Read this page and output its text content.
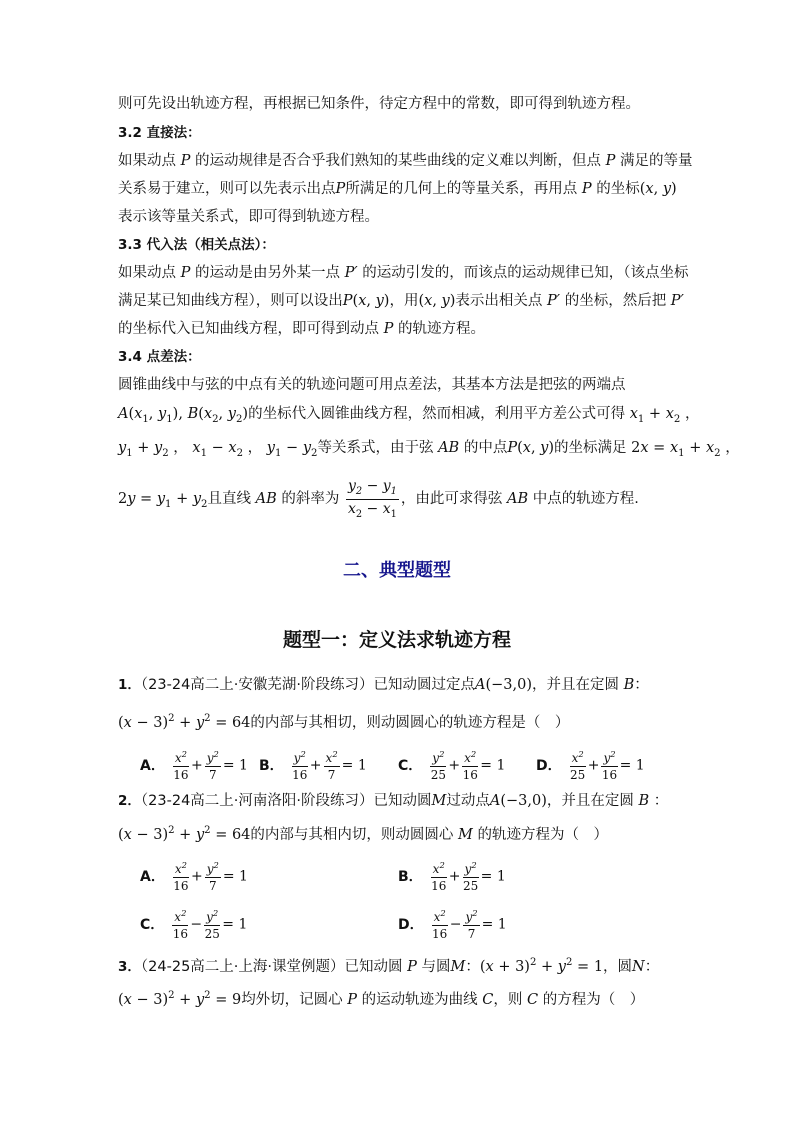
则可先设出轨迹方程，再根据已知条件，待定方程中的常数，即可得到轨迹方程。
3.2 直接法：
如果动点 P 的运动规律是否合乎我们熟知的某些曲线的定义难以判断，但点 P 满足的等量
关系易于建立，则可以先表示出点P所满足的几何上的等量关系，再用点 P 的坐标(x, y)
表示该等量关系式，即可得到轨迹方程。
3.3 代入法（相关点法）：
如果动点 P 的运动是由另外某一点 P′ 的运动引发的，而该点的运动规律已知，（该点坐标
满足某已知曲线方程），则可以设出P(x, y)，用(x, y)表示出相关点 P′ 的坐标，然后把 P′
的坐标代入已知曲线方程，即可得到动点 P 的轨迹方程。
3.4 点差法：
圆锥曲线中与弦的中点有关的轨迹问题可用点差法，其基本方法是把弦的两端点
$A(x_1$, $y_1$), $B(x_2$, $y_2$)的坐标代入圆锥曲线方程，然而相减，利用平方差公式可得 $x_1 + x_2$ ，
$y_1 + y_2$ ， $x_1 - x_2$ ， $y_1 - y_2$等关系式，由于弦 AB 的中点P(x, y)的坐标满足 $2x = x_1 + x_2$ ，
$2y = y_1 + y_2$且直线 AB 的斜率为 $\frac{y_2 - y_1}{x_2 - x_1}$ ，由此可求得弦 AB 中点的轨迹方程.
二、典型题型
题型一：定义法求轨迹方程
1．（23-24高二上·安徽芜湖·阶段练习）已知动圆过定点A(−3,0)，并且在定圆 B：
$(x - 3)^2 + y^2 = 64$的内部与其相切，则动圆圆心的轨迹方程是（　）
A． $\frac{x^2}{16} + \frac{y^2}{7} = 1$ B． $\frac{y^2}{16} + \frac{x^2}{7} = 1$ C． $\frac{y^2}{25} + \frac{x^2}{16} = 1$ D． $\frac{x^2}{25} + \frac{y^2}{16} = 1$
2．（23-24高二上·河南洛阳·阶段练习）已知动圆M过动点A(−3,0)，并且在定圆 B ：
$(x - 3)^2 + y^2 = 64$的内部与其相内切，则动圆圆心 M 的轨迹方程为（　）
A． $\frac{x^2}{16} + \frac{y^2}{7} = 1$	B． $\frac{x^2}{16} + \frac{y^2}{25} = 1$
C． $\frac{x^2}{16} - \frac{y^2}{25} = 1$	D． $\frac{x^2}{16} - \frac{y^2}{7} = 1$
3．（24-25高二上·上海·课堂例题）已知动圆 P 与圆M：$(x + 3)^2 + y^2 = 1$，圆N：
$(x - 3)^2 + y^2 = 9$均外切，记圆心 P 的运动轨迹为曲线 C，则 C 的方程为（　）
